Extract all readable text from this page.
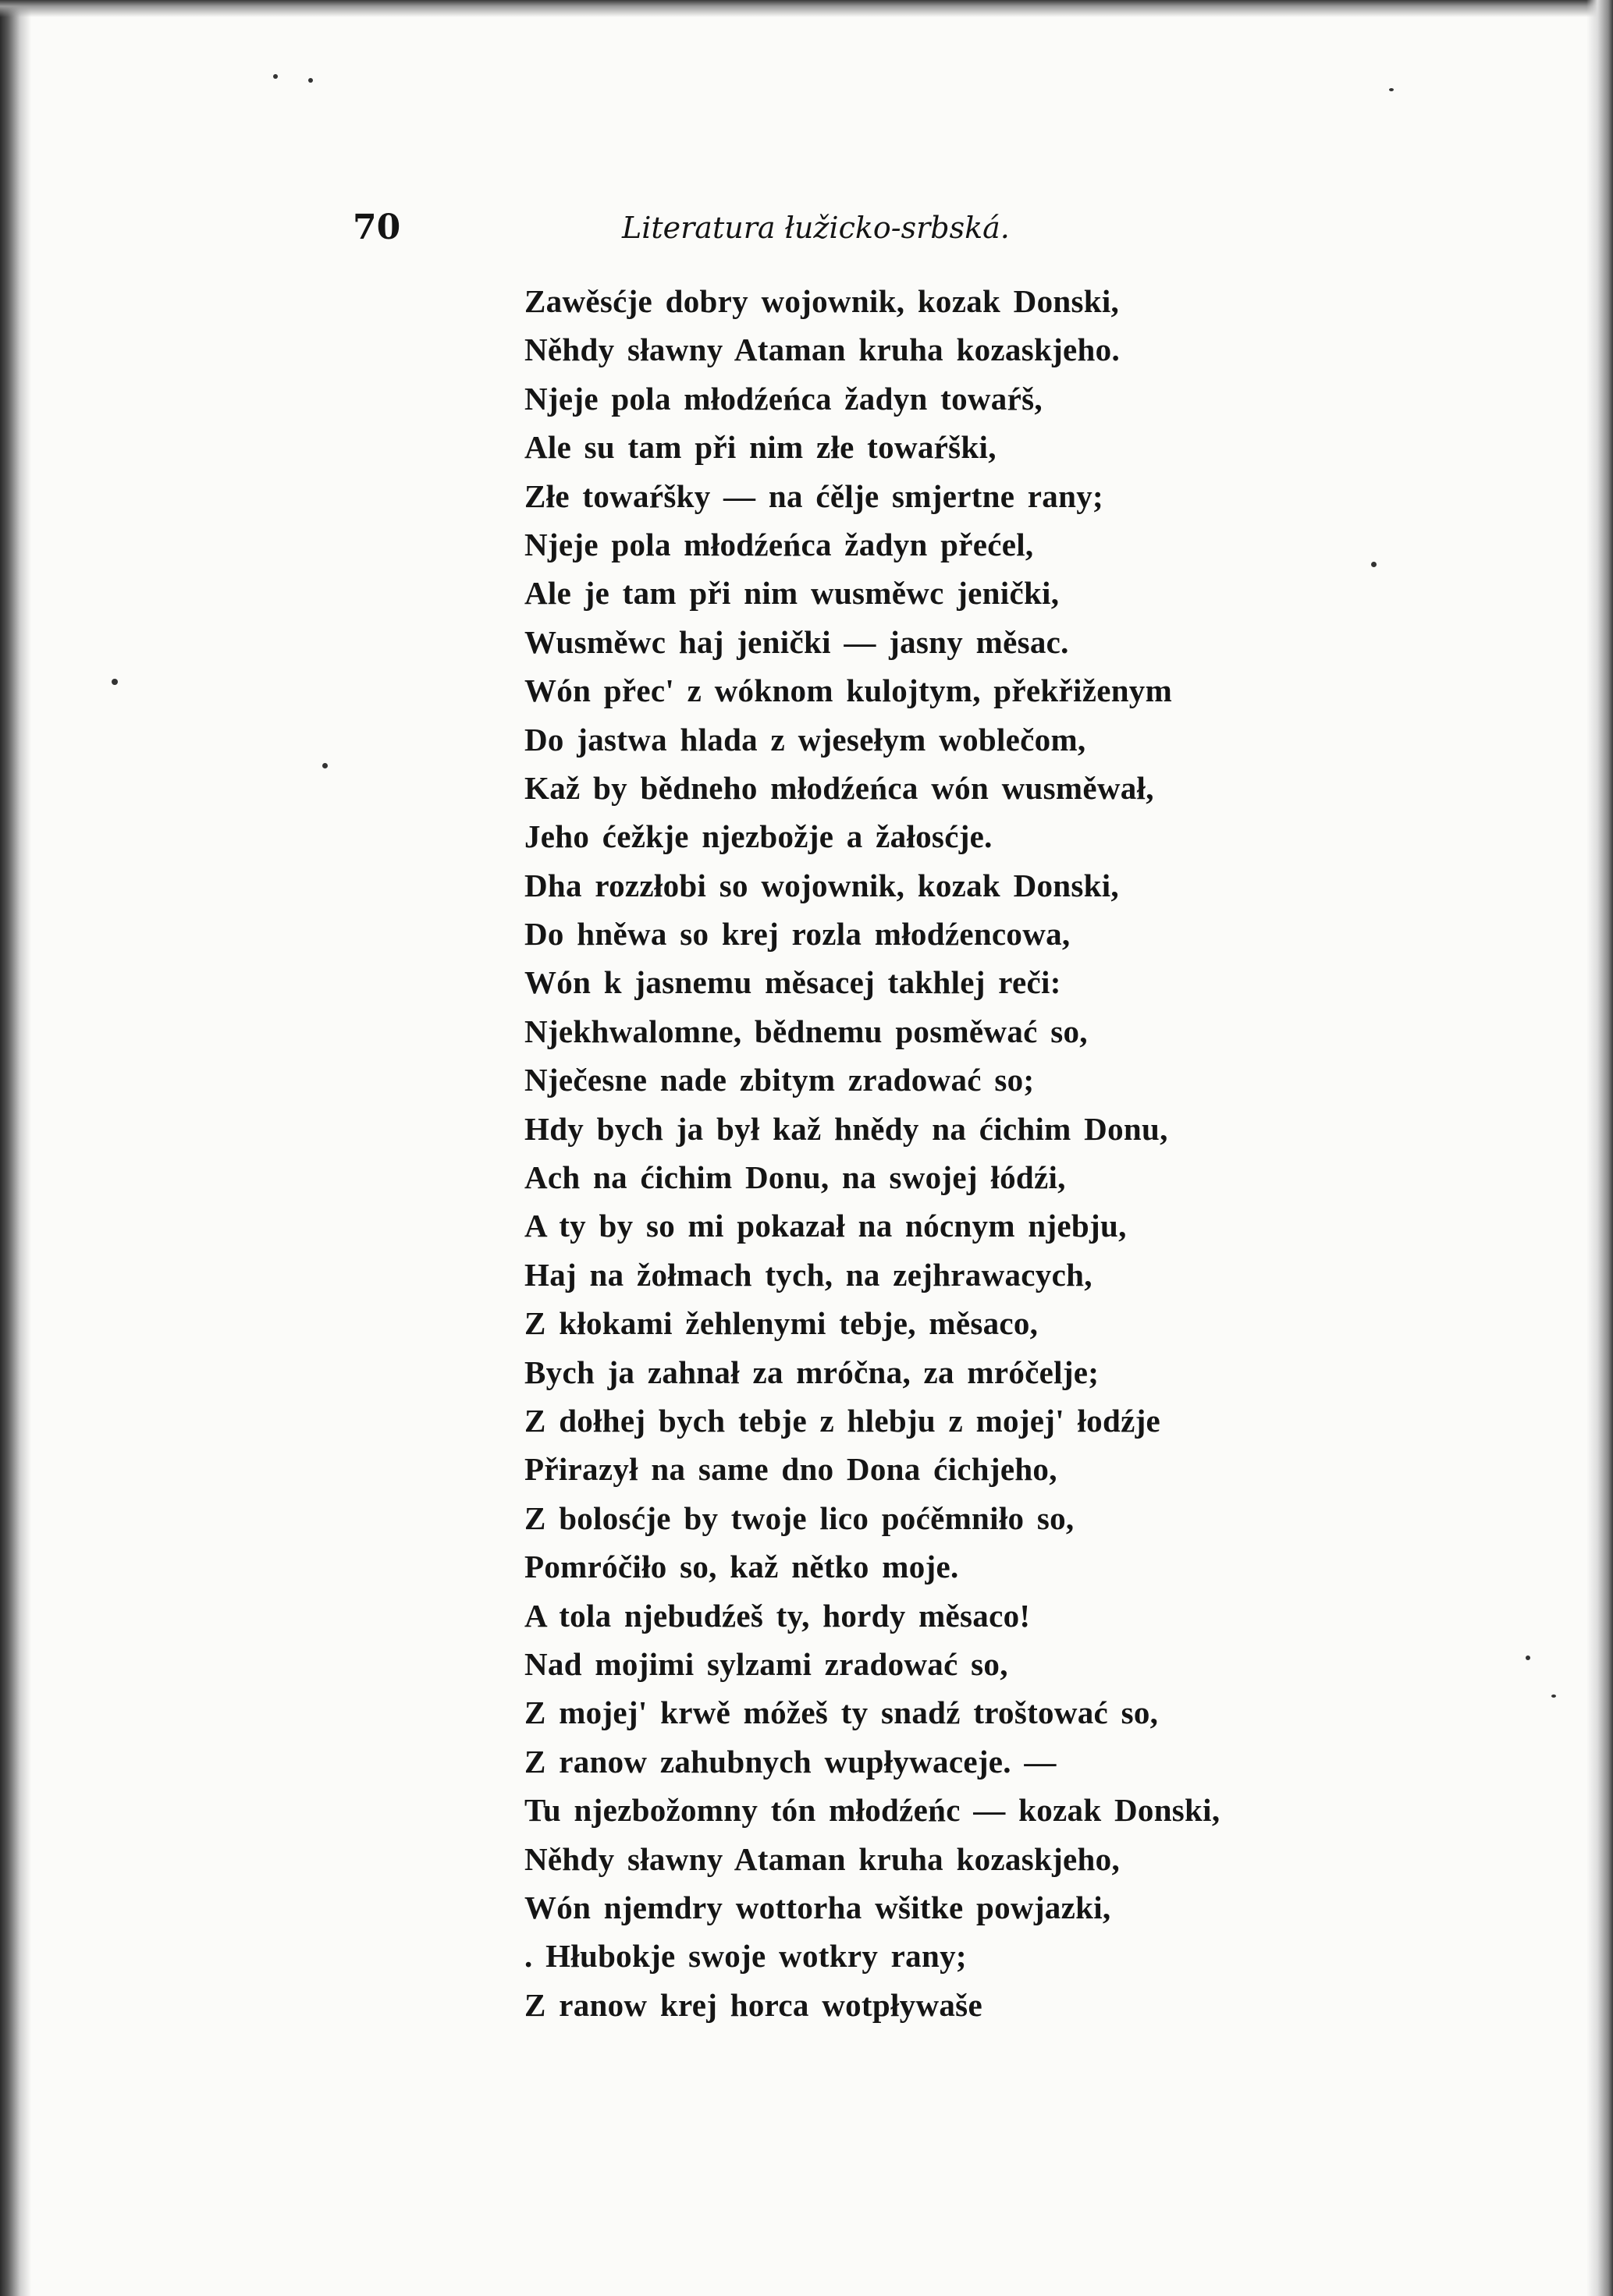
70	Literatura łužicko-srbská.
Zawěsćje dobry wojownik, kozak Donski,
Něhdy sławny Ataman kruha kozaskjeho.
Njeje pola młodźeńca žadyn towaŕš,
Ale su tam při nim złe towaŕški,
Złe towaŕšky — na ćěljе smjertne rany;
Njeje pola młodźeńca žadyn přećel,
Ale je tam při nim wusměwc jenički,
Wusměwc haj jenički — jasny měsac.
Wón přec' z wóknom kulojtym, překřiženym
Do jastwa hlada z wjesełym woblečom,
Kaž by bědneho młodźeńca wón wusměwał,
Jeho ćežkje njezbožje a žałosćje.
Dha rozzłobi so wojownik, kozak Donski,
Do hněwa so krej rozla młodźencowa,
Wón k jasnemu měsacej takhlej reči:
Njekhwalomne, bědnemu posměwać so,
Nječesne nade zbitym zradować so;
Hdy bych ja był kaž hnědy na ćichim Donu,
Ach na ćichim Donu, na swojej łódźi,
A ty by so mi pokazał na nócnym njebju,
Haj na žołmach tych, na zejhrawacych,
Z kłokami žehlenymi tebje, měsaco,
Bych ja zahnał za mróčna, za mróčelje;
Z dołhej bych tebje z hlebju z mojej' łodźje
Přirazył na same dno Dona ćichjeho,
Z bolosćje by twoje lico poćěmniło so,
Pomróčiło so, kaž nětko moje.
A tola njebudźeš ty, hordy měsaco!
Nad mojimi sylzami zradować so,
Z mojej' krwě móžeš ty snadź troštować so,
Z ranow zahubnych wupływaceje. —
Tu njezbožomny tón młodźeńc — kozak Donski,
Něhdy sławny Ataman kruha kozaskjeho,
Wón njemdry wottorha wšitke powjazki,
. Hłubokje swoje wotkry rany;
Z ranow krej horca wotpływaše
